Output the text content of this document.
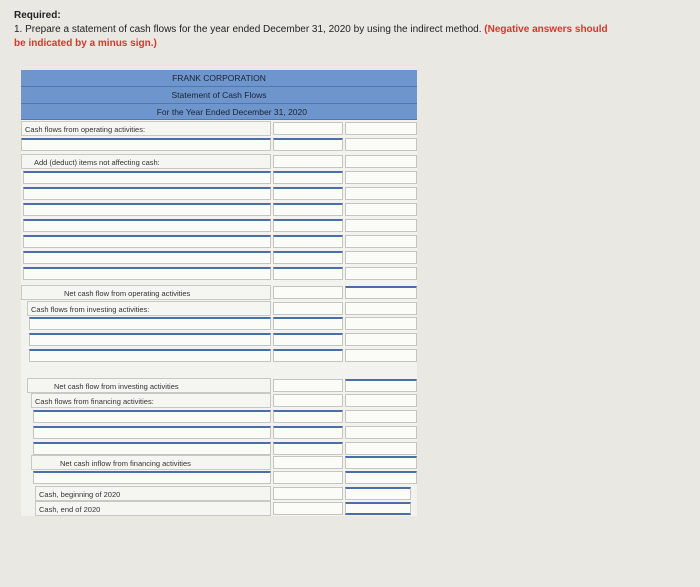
Required:
1. Prepare a statement of cash flows for the year ended December 31, 2020 by using the indirect method. (Negative answers should
be indicated by a minus sign.)
FRANK CORPORATION
Statement of Cash Flows
For the Year Ended December 31, 2020
Cash flows from operating activities:
Add (deduct) items not affecting cash:
Net cash flow from operating activities
Cash flows from investing activities:
Net cash flow from investing activities
Cash flows from financing activities:
Net cash inflow from financing activities
Cash, beginning of 2020
Cash, end of 2020
